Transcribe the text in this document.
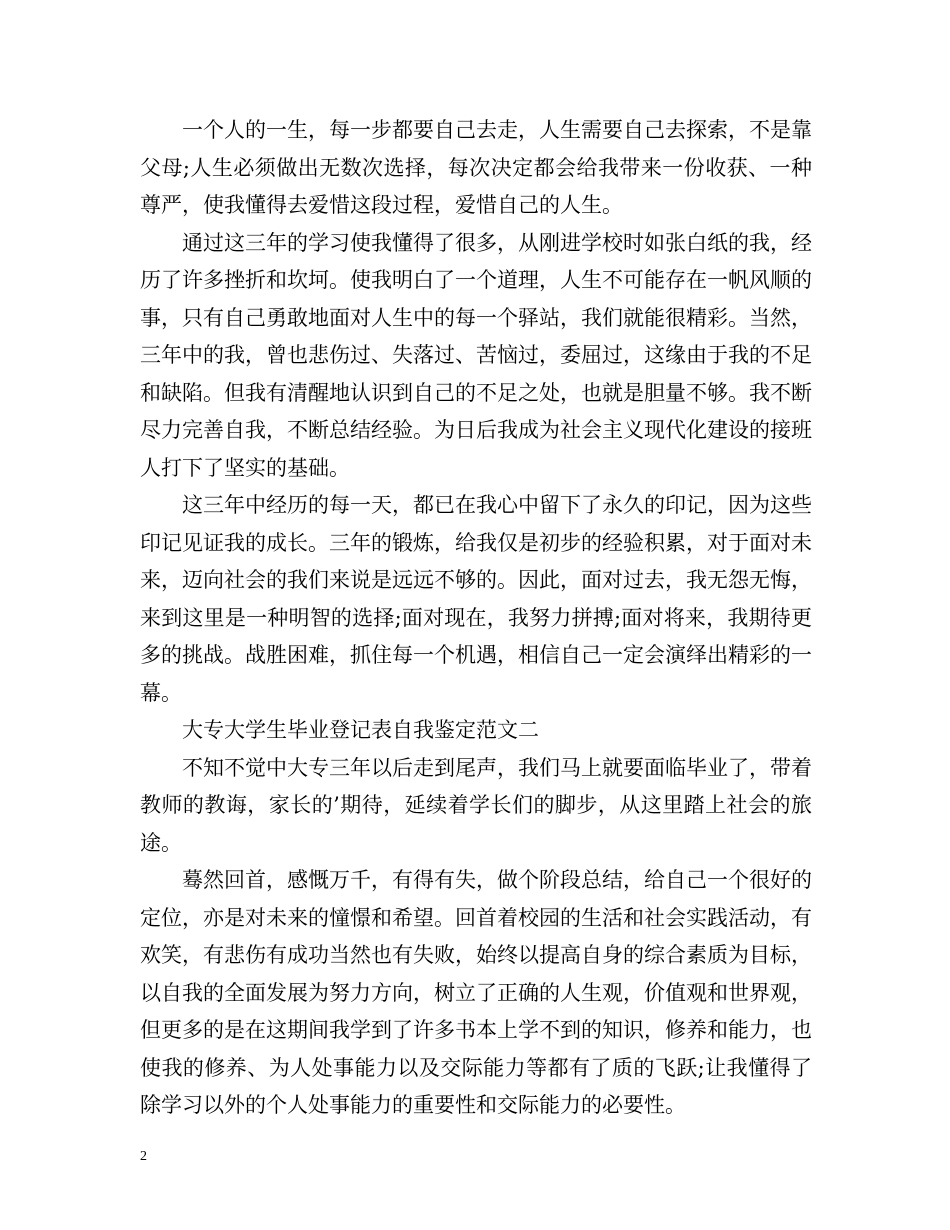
一个人的一生，每一步都要自己去走，人生需要自己去探索，不是靠父母;人生必须做出无数次选择，每次决定都会给我带来一份收获、一种尊严，使我懂得去爱惜这段过程，爱惜自己的人生。

通过这三年的学习使我懂得了很多，从刚进学校时如张白纸的我，经历了许多挫折和坎坷。使我明白了一个道理，人生不可能存在一帆风顺的事，只有自己勇敢地面对人生中的每一个驿站，我们就能很精彩。当然，三年中的我，曾也悲伤过、失落过、苦恼过，委屈过，这缘由于我的不足和缺陷。但我有清醒地认识到自己的不足之处，也就是胆量不够。我不断尽力完善自我，不断总结经验。为日后我成为社会主义现代化建设的接班人打下了坚实的基础。

这三年中经历的每一天，都已在我心中留下了永久的印记，因为这些印记见证我的成长。三年的锻炼，给我仅是初步的经验积累，对于面对未来，迈向社会的我们来说是远远不够的。因此，面对过去，我无怨无悔，来到这里是一种明智的选择;面对现在，我努力拼搏;面对将来，我期待更多的挑战。战胜困难，抓住每一个机遇，相信自己一定会演绎出精彩的一幕。

大专大学生毕业登记表自我鉴定范文二

不知不觉中大专三年以后走到尾声，我们马上就要面临毕业了，带着教师的教诲，家长的’期待，延续着学长们的脚步，从这里踏上社会的旅途。

蓦然回首，感慨万千，有得有失，做个阶段总结，给自己一个很好的定位，亦是对未来的憧憬和希望。回首着校园的生活和社会实践活动，有欢笑，有悲伤有成功当然也有失败，始终以提高自身的综合素质为目标，以自我的全面发展为努力方向，树立了正确的人生观，价值观和世界观，但更多的是在这期间我学到了许多书本上学不到的知识，修养和能力，也使我的修养、为人处事能力以及交际能力等都有了质的飞跃;让我懂得了除学习以外的个人处事能力的重要性和交际能力的必要性。

2
